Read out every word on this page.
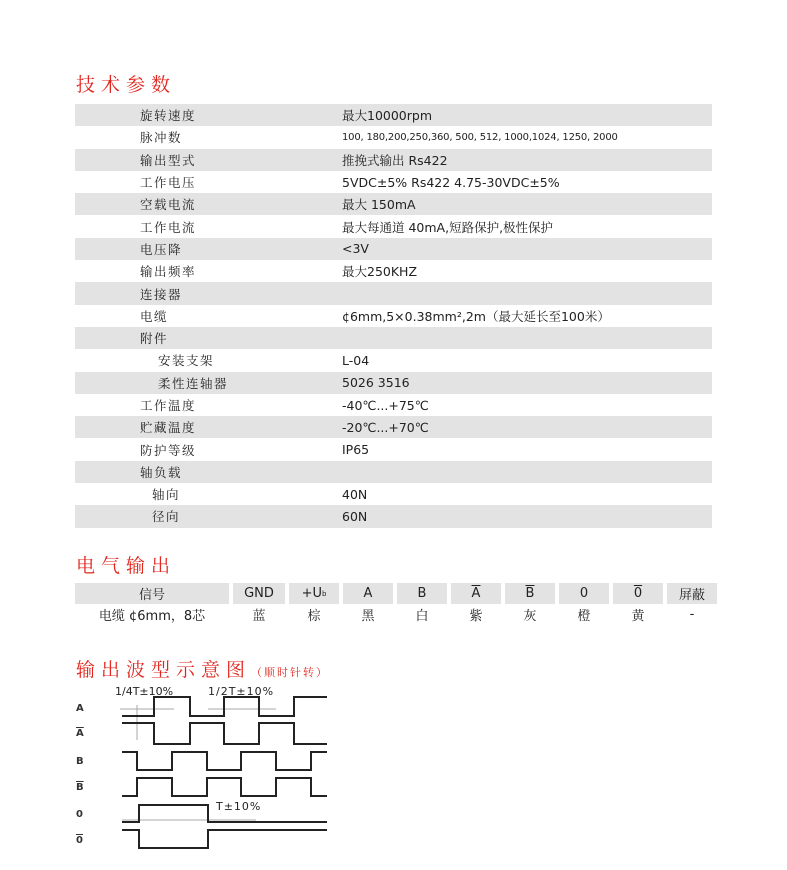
技术参数
旋转速度	最大10000rpm
脉冲数	100, 180,200,250,360, 500, 512, 1000,1024, 1250, 2000
输出型式	推挽式输出 Rs422
工作电压	5VDC±5% Rs422 4.75-30VDC±5%
空载电流	最大 150mA
工作电流	最大每通道 40mA,短路保护,极性保护
电压降	<3V
输出频率	最大250KHZ
连接器
电缆	¢6mm,5×0.38mm²,2m（最大延长至100米）
附件
安装支架	L-04
柔性连轴器	5026 3516
工作温度	-40℃...+75℃
贮藏温度	-20℃...+70℃
防护等级	IP65
轴负载
轴向	40N
径向	60N
电气输出
信号	GND	+U b	A	B	$\overline{A}$	$\overline{B}$	0	0	屏蔽
电缆 ¢6mm，8芯	蓝	棕	黑	白	紫	灰	橙	黄	-
输出波型示意图（顺时针转）
A
$\overline{A}$
B
$\overline{B}$
0
0
1/4T±10%	1/2T±10%
T±10%
